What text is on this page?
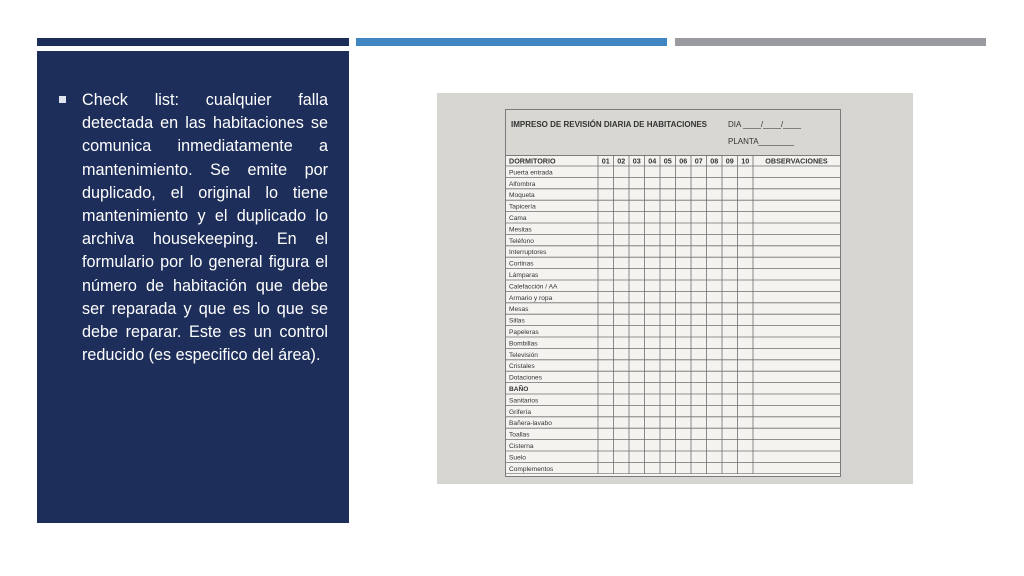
Check list: cualquier falla detectada en las habitaciones se comunica inmediatamente a mantenimiento. Se emite por duplicado, el original lo tiene mantenimiento y el duplicado lo archiva housekeeping. En el formulario por lo general figura el número de habitación que debe ser reparada y que es lo que se debe reparar. Este es un control reducido (es especifico del área).

IMPRESO DE REVISIÓN DIARIA DE HABITACIONES	DIA ____/____/____
PLANTA________
DORMITORIO	01 02 03 04 05 06 07 08 09 10 OBSERVACIONES
Puerta entrada
Alfombra
Moqueta
Tapicería
Cama
Mesitas
Teléfono
Interruptores
Cortinas
Lámparas
Calefacción / AA
Armario y ropa
Mesas
Sillas
Papeleras
Bombillas
Televisión
Cristales
Dotaciones
BAÑO
Sanitarios
Grifería
Bañera-lavabo
Toallas
Cisterna
Suelo
Complementos
